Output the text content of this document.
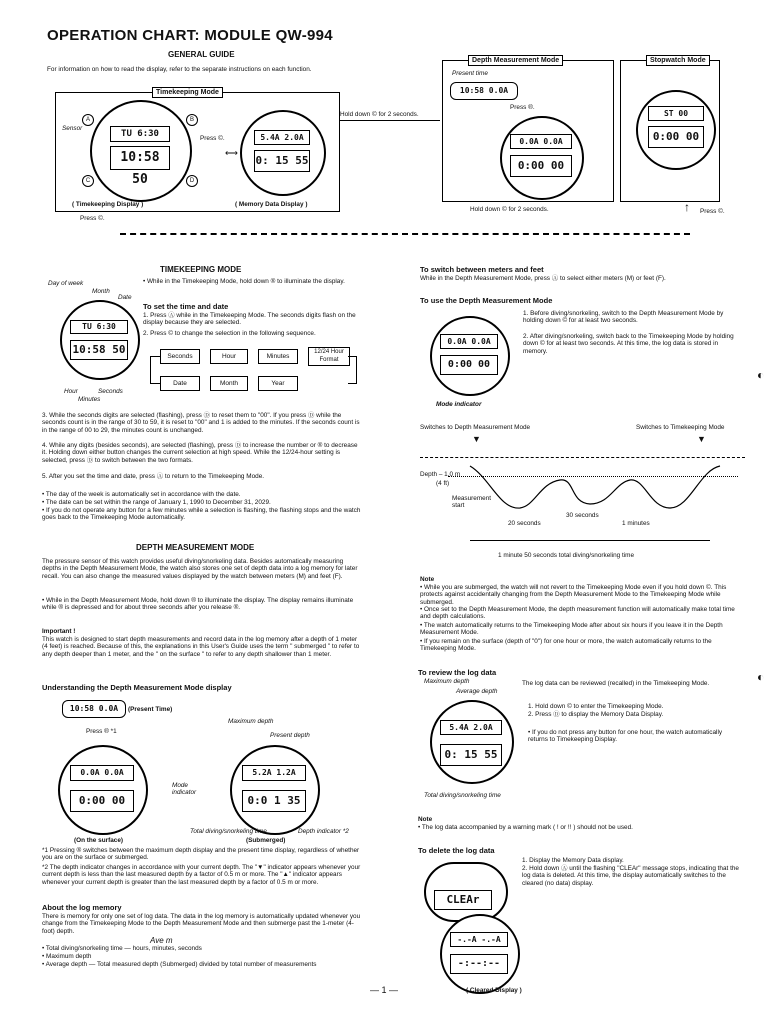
OPERATION CHART: MODULE QW-994
GENERAL GUIDE
For information on how to read the display, refer to the separate instructions on each function.
Timekeeping Mode
Sensor
TU 6:30
10:58 50
A	B
C	D
Press ©.
⟷
5.4A 2.0A
0: 15 55
( Timekeeping Display )	( Memory Data Display )
Press ©.
Hold down © for 2 seconds.
Depth Measurement Mode
Present time
10:58 0.0A
Press ®.
0.0A 0.0A
0:00 00
Stopwatch Mode
ST 00
0:00 00
Hold down © for 2 seconds.	Press ©.
↑
TIMEKEEPING MODE
Day of week
Month
Date
TU 6:30
10:58 50
Hour	Seconds
Minutes
• While in the Timekeeping Mode, hold down ® to illuminate the display.
To set the time and date
1. Press Ⓐ while in the Timekeeping Mode. The seconds digits flash on the display because they are selected.
2. Press © to change the selection in the following sequence.
Seconds	Hour	Minutes
12/24 Hour Format
Date	Month	Year
3. While the seconds digits are selected (flashing), press Ⓓ to reset them to "00". If you press Ⓓ while the seconds count is in the range of 30 to 59, it is reset to "00" and 1 is added to the minutes. If the seconds count is in the range of 00 to 29, the minutes count is unchanged.
4. While any digits (besides seconds), are selected (flashing), press Ⓓ to increase the number or ® to decrease it. Holding down either button changes the current selection at high speed. While the 12/24-hour setting is selected, press Ⓓ to switch between the two formats.
5. After you set the time and date, press Ⓐ to return to the Timekeeping Mode.
• The day of the week is automatically set in accordance with the date.
• The date can be set within the range of January 1, 1990 to December 31, 2029.
• If you do not operate any button for a few minutes while a selection is flashing, the flashing stops and the watch goes back to the Timekeeping Mode automatically.
DEPTH MEASUREMENT MODE
The pressure sensor of this watch provides useful diving/snorkeling data. Besides automatically measuring depths in the Depth Measurement Mode, the watch also stores one set of depth data into a log memory for later recall. You can also change the measured values displayed by the watch between meters (M) and feet (F).
• While in the Depth Measurement Mode, hold down ® to illuminate the display. The display remains illuminate while ® is depressed and for about three seconds after you release ®.
Important !
This watch is designed to start depth measurements and record data in the log memory after a depth of 1 meter (4 feet) is reached. Because of this, the explanations in this User's Guide uses the term " submerged " to refer to any depth deeper than 1 meter, and the " on the surface " to refer to any depth shallower than 1 meter.
Understanding the Depth Measurement Mode display
10:58 0.0A	(Present Time)
Press ® *1
0.0A 0.0A
0:00 00
(On the surface)
Maximum depth
Present depth
Mode indicator
5.2A 1.2A
0:0 1 35
Total diving/snorkeling time	Depth indicator *2
(Submerged)
*1 Pressing ® switches between the maximum depth display and the present time display, regardless of whether you are on the surface or submerged.
*2 The depth indicator changes in accordance with your current depth. The "▼" indicator appears whenever your current depth is less than the last measured depth by a factor of 0.5 m or more. The "▲" indicator appears whenever your current depth is greater than the last measured depth by a factor of 0.5 m or more.
About the log memory
There is memory for only one set of log data. The data in the log memory is automatically updated whenever you change from the Timekeeping Mode to the Depth Measurement Mode and then submerge past the 1-meter (4-foot) depth.
Ave m
• Total diving/snorkeling time — hours, minutes, seconds
• Maximum depth
• Average depth — Total measured depth (Submerged) divided by total number of measurements
— 1 —
To switch between meters and feet
While in the Depth Measurement Mode, press Ⓐ to select either meters (M) or feet (F).
To use the Depth Measurement Mode
0.0A 0.0A
0:00 00
Mode indicator
1. Before diving/snorkeling, switch to the Depth Measurement Mode by holding down © for at least two seconds.
2. After diving/snorkeling, switch back to the Timekeeping Mode by holding down © for at least two seconds. At this time, the log data is stored in memory.
Switches to Depth Measurement Mode	Switches to Timekeeping Mode
▼	▼
Depth – 1.0 m
(4 ft)
Measurement start
20 seconds
30 seconds
1 minutes
1 minute 50 seconds total diving/snorkeling time
Note
• While you are submerged, the watch will not revert to the Timekeeping Mode even if you hold down ©. This protects against accidentally changing from the Depth Measurement Mode to the Timekeeping Mode while submerged.
• Once set to the Depth Measurement Mode, the depth measurement function will automatically make total time and depth calculations.
• The watch automatically returns to the Timekeeping Mode after about six hours if you leave it in the Depth Measurement Mode.
• If you remain on the surface (depth of "0") for one hour or more, the watch automatically returns to the Timekeeping Mode.
To review the log data
Maximum depth
Average depth
5.4A 2.0A
0: 15 55
Total diving/snorkeling time
The log data can be reviewed (recalled) in the Timekeeping Mode.
1. Hold down © to enter the Timekeeping Mode.
2. Press Ⓓ to display the Memory Data Display.
• If you do not press any button for one hour, the watch automatically returns to Timekeeping Display.
Note
• The log data accompanied by a warning mark ( ! or !! ) should not be used.
To delete the log data
CLEAr
-.-A -.-A
-:--:--
( Cleared Display )
1. Display the Memory Data display.
2. Hold down Ⓐ until the flashing "CLEAr" message stops, indicating that the log data is deleted. At this time, the display automatically switches to the cleared (no data) display.
◐
◐
